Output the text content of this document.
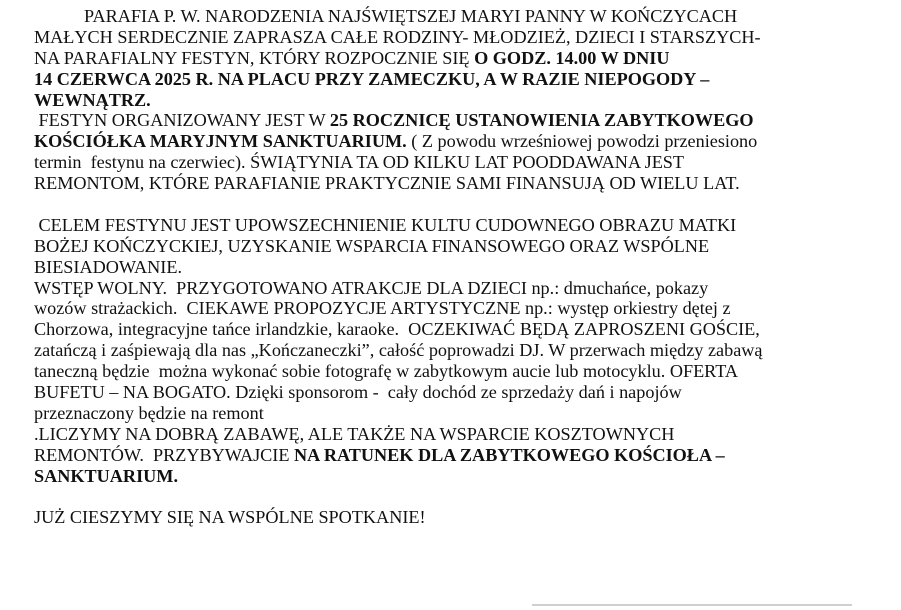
PARAFIA P. W. NARODZENIA NAJŚWIĘTSZEJ MARYI PANNY W KOŃCZYCACH
MAŁYCH SERDECZNIE ZAPRASZA CAŁE RODZINY- MŁODZIEŻ, DZIECI I STARSZYCH-
NA PARAFIALNY FESTYN, KTÓRY ROZPOCZNIE SIĘ O GODZ. 14.00 W DNIU
14 CZERWCA 2025 R. NA PLACU PRZY ZAMECZKU, A W RAZIE NIEPOGODY –
WEWNĄTRZ.
FESTYN ORGANIZOWANY JEST W 25 ROCZNICĘ USTANOWIENIA ZABYTKOWEGO
KOŚCIÓŁKA MARYJNYM SANKTUARIUM. ( Z powodu wrześniowej powodzi przeniesiono
termin  festynu na czerwiec). ŚWIĄTYNIA TA OD KILKU LAT POODDAWANA JEST
REMONTOM, KTÓRE PARAFIANIE PRAKTYCZNIE SAMI FINANSUJĄ OD WIELU LAT.
CELEM FESTYNU JEST UPOWSZECHNIENIE KULTU CUDOWNEGO OBRAZU MATKI
BOŻEJ KOŃCZYCKIEJ, UZYSKANIE WSPARCIA FINANSOWEGO ORAZ WSPÓLNE
BIESIADOWANIE.
WSTĘP WOLNY.  PRZYGOTOWANO ATRAKCJE DLA DZIECI np.: dmuchańce, pokazy
wozów strażackich.  CIEKAWE PROPOZYCJE ARTYSTYCZNE np.: występ orkiestry dętej z
Chorzowa, integracyjne tańce irlandzkie, karaoke.  OCZEKIWAĆ BĘDĄ ZAPROSZENI GOŚCIE,
zatańczą i zaśpiewają dla nas „Kończaneczki”, całość poprowadzi DJ. W przerwach między zabawą
taneczną będzie  można wykonać sobie fotografę w zabytkowym aucie lub motocyklu. OFERTA
BUFETU – NA BOGATO. Dzięki sponsorom -  cały dochód ze sprzedaży dań i napojów
przeznaczony będzie na remont
.LICZYMY NA DOBRĄ ZABAWĘ, ALE TAKŻE NA WSPARCIE KOSZTOWNYCH
REMONTÓW.  PRZYBYWAJCIE NA RATUNEK DLA ZABYTKOWEGO KOŚCIOŁA –
SANKTUARIUM.
JUŻ CIESZYMY SIĘ NA WSPÓLNE SPOTKANIE!
